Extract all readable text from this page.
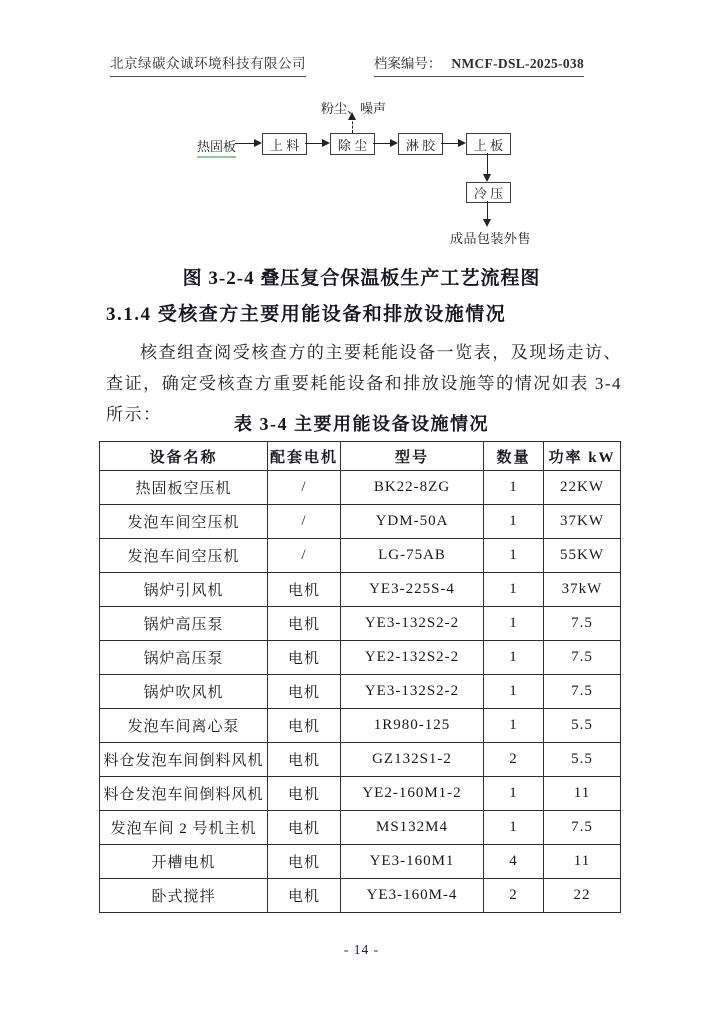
北京绿碳众诚环境科技有限公司	档案编号： NMCF-DSL-2025-038
粉尘、噪声
热固板	上 料	除 尘	淋 胶	上 板
冷 压
成品包装外售
图 3-2-4 叠压复合保温板生产工艺流程图
3.1.4 受核查方主要用能设备和排放设施情况

核查组查阅受核查方的主要耗能设备一览表，及现场走访、查证，确定受核查方重要耗能设备和排放设施等的情况如表 3-4 所示：	表 3-4 主要用能设备设施情况
设备名称	配套电机	型号	数量	功率 kW
热固板空压机	/	BK22-8ZG	1	22KW
发泡车间空压机	/	YDM-50A	1	37KW
发泡车间空压机	/	LG-75AB	1	55KW
锅炉引风机	电机	YE3-225S-4	1	37kW
锅炉高压泵	电机	YE3-132S2-2	1	7.5
锅炉高压泵	电机	YE2-132S2-2	1	7.5
锅炉吹风机	电机	YE3-132S2-2	1	7.5
发泡车间离心泵	电机	1R980-125	1	5.5
料仓发泡车间倒料风机	电机	GZ132S1-2	2	5.5
料仓发泡车间倒料风机	电机	YE2-160M1-2	1	11
发泡车间 2 号机主机	电机	MS132M4	1	7.5
开槽电机	电机	YE3-160M1	4	11
卧式搅拌	电机	YE3-160M-4	2	22
- 14 -
